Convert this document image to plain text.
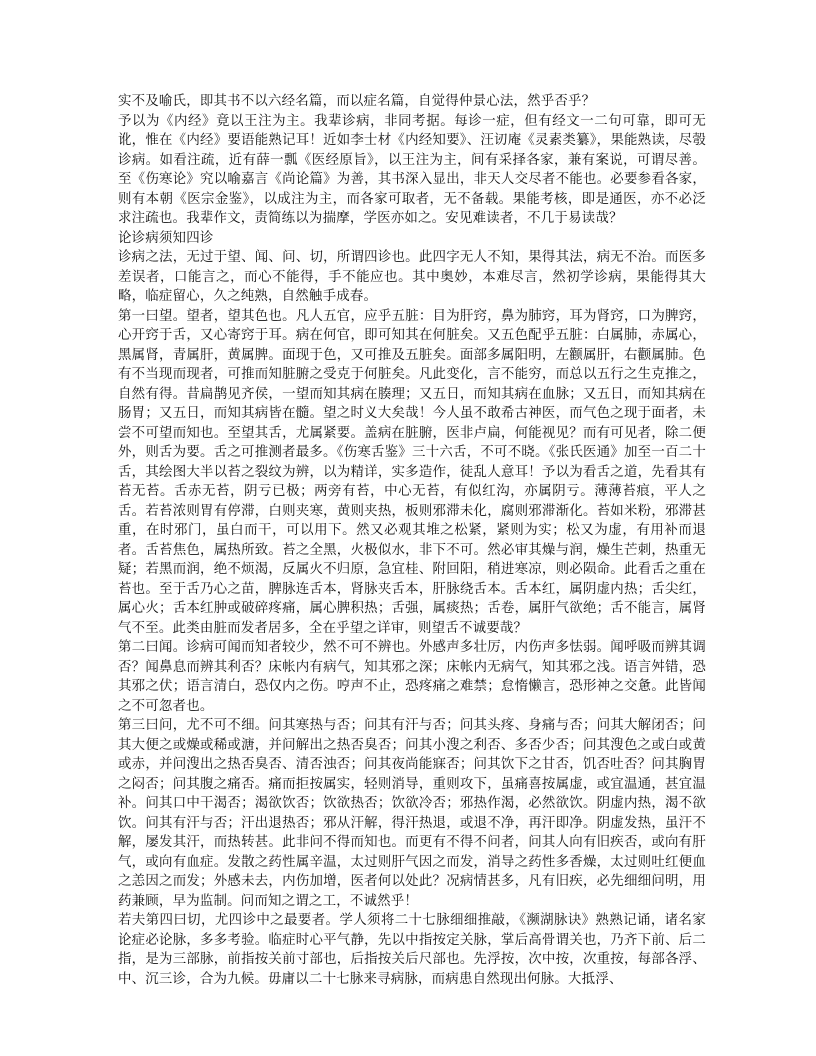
实不及喻氏，即其书不以六经名篇，而以症名篇，自觉得仲景心法，然乎否乎？

予以为《内经》竟以王注为主。我辈诊病，非同考据。每诊一症，但有经文一二句可靠，即可无讹，惟在《内经》要语能熟记耳！近如李士材《内经知要》、汪讱庵《灵素类纂》，果能熟读，尽彀诊病。如看注疏，近有薛一瓢《医经原旨》，以王注为主，间有采择各家，兼有案说，可谓尽善。至《伤寒论》究以喻嘉言《尚论篇》为善，其书深入显出，非天人交尽者不能也。必要参看各家，则有本朝《医宗金鉴》，以成注为主，而各家可取者，无不备载。果能考核，即是通医，亦不必泛求注疏也。我辈作文，责简练以为揣摩，学医亦如之。安见难读者，不几于易读哉？

论诊病须知四诊

诊病之法，无过于望、闻、问、切，所谓四诊也。此四字无人不知，果得其法，病无不治。而医多差误者，口能言之，而心不能得，手不能应也。其中奥妙，本难尽言，然初学诊病，果能得其大略，临症留心，久之纯熟，自然触手成春。

第一曰望。望者，望其色也。凡人五官，应乎五脏：目为肝窍，鼻为肺窍，耳为肾窍，口为脾窍，心开窍于舌，又心寄窍于耳。病在何官，即可知其在何脏矣。又五色配乎五脏：白属肺，赤属心，黑属肾，青属肝，黄属脾。面现于色，又可推及五脏矣。面部多属阳明，左颧属肝，右颧属肺。色有不当现而现者，可推而知脏腑之受克于何脏矣。凡此变化，言不能穷，而总以五行之生克推之，自然有得。昔扁鹊见齐侯，一望而知其病在腠理；又五日，而知其病在血脉；又五日，而知其病在肠胃；又五日，而知其病皆在髓。望之时义大矣哉！今人虽不敢希古神医，而气色之现于面者，未尝不可望而知也。至望其舌，尤属紧要。盖病在脏腑，医非卢扁，何能视见？而有可见者，除二便外，则舌为要。舌之可推测者最多。《伤寒舌鉴》三十六舌，不可不晓。《张氏医通》加至一百二十舌，其绘图大半以苔之裂纹为辨，以为精详，实多造作，徒乱人意耳！予以为看舌之道，先看其有苔无苔。舌赤无苔，阴亏已极；两旁有苔，中心无苔，有似红沟，亦属阴亏。薄薄苔痕，平人之舌。若苔浓则胃有停滞，白则夹寒，黄则夹热，板则邪滞未化，腐则邪滞渐化。苔如米粉，邪滞甚重，在时邪门，虽白而干，可以用下。然又必观其堆之松紧，紧则为实；松又为虚，有用补而退者。舌苔焦色，属热所致。苔之全黑，火极似水，非下不可。然必审其燥与润，燥生芒刺，热重无疑；若黑而润，绝不烦渴，反属火不归原，急宜桂、附回阳，稍进寒凉，则必陨命。此看舌之重在苔也。至于舌乃心之苗，脾脉连舌本，肾脉夹舌本，肝脉绕舌本。舌本红，属阴虚内热；舌尖红，属心火；舌本红肿或破碎疼痛，属心脾积热；舌强，属痰热；舌卷，属肝气欲绝；舌不能言，属肾气不至。此类由脏而发者居多，全在乎望之详审，则望舌不诚要哉？

第二曰闻。诊病可闻而知者较少，然不可不辨也。外感声多壮厉，内伤声多怯弱。闻呼吸而辨其调否？闻鼻息而辨其利否？床帐内有病气，知其邪之深；床帐内无病气，知其邪之浅。语言舛错，恐其邪之伏；语言清白，恐仅内之伤。哼声不止，恐疼痛之难禁；怠惰懒言，恐形神之交惫。此皆闻之不可忽者也。

第三曰问，尤不可不细。问其寒热与否；问其有汗与否；问其头疼、身痛与否；问其大解闭否；问其大便之或燥或稀或溏，并问解出之热否臭否；问其小溲之利否、多否少否；问其溲色之或白或黄或赤，并问溲出之热否臭否、清否浊否；问其夜尚能寐否；问其饮下之甘否，饥否吐否？问其胸胃之闷否；问其腹之痛否。痛而拒按属实，轻则消导，重则攻下，虽痛喜按属虚，或宜温通，甚宜温补。问其口中干渴否；渴欲饮否；饮欲热否；饮欲冷否；邪热作渴，必然欲饮。阴虚内热，渴不欲饮。问其有汗与否；汗出退热否；邪从汗解，得汗热退，或退不净，再汗即净。阴虚发热，虽汗不解，屡发其汗，而热转甚。此非问不得而知也。而更有不得不问者，问其人向有旧疾否，或向有肝气，或向有血症。发散之药性属辛温，太过则肝气因之而发，消导之药性多香燥，太过则吐红便血之恙因之而发；外感未去，内伤加增，医者何以处此？况病情甚多，凡有旧疾，必先细细问明，用药兼顾，早为监制。问而知之谓之工，不诚然乎！

若夫第四曰切，尤四诊中之最要者。学人须将二十七脉细细推敲，《濒湖脉诀》熟熟记诵，诸名家论症必论脉，多多考验。临症时心平气静，先以中指按定关脉，掌后高骨谓关也，乃齐下前、后二指，是为三部脉，前指按关前寸部也，后指按关后尺部也。先浮按，次中按，次重按，每部各浮、中、沉三诊，合为九候。毋庸以二十七脉来寻病脉，而病患自然现出何脉。大抵浮、
